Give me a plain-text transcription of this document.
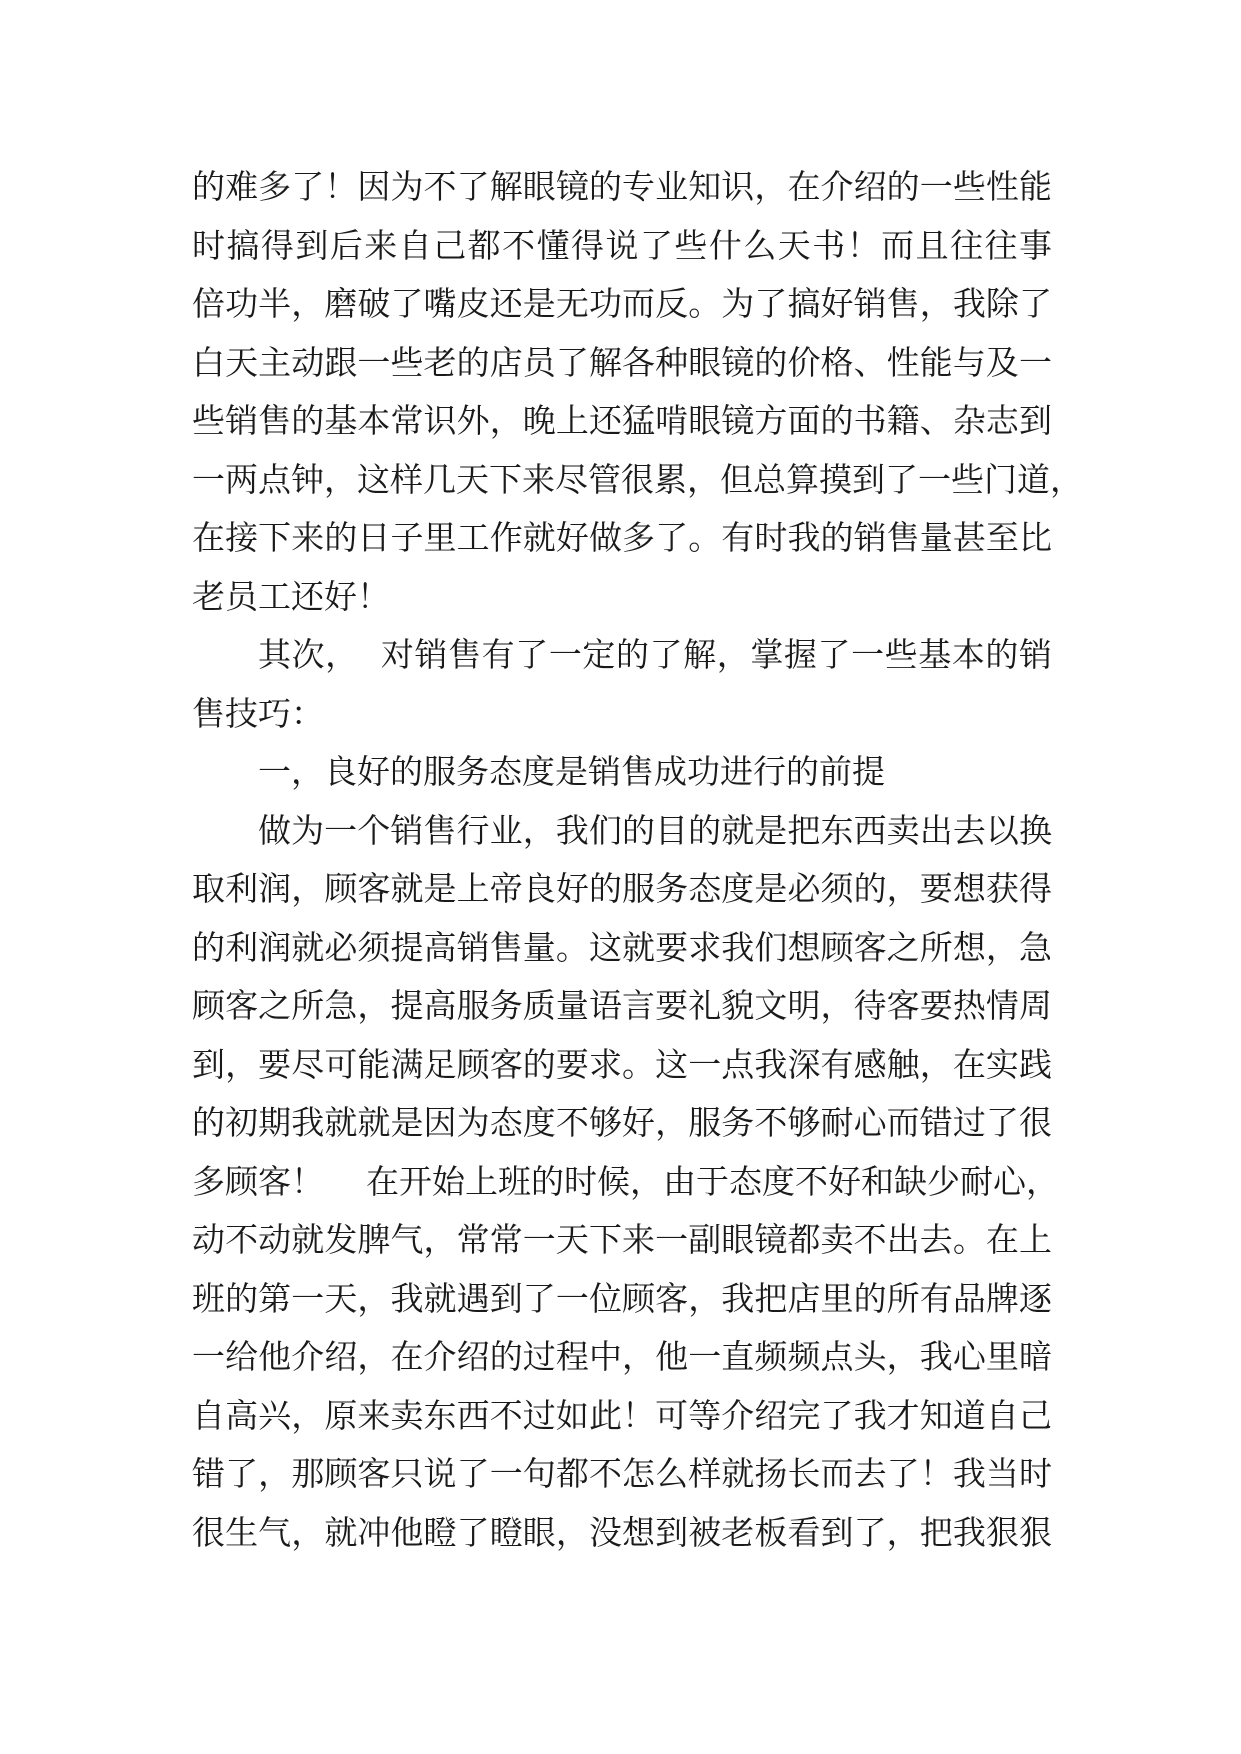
的难多了！因为不了解眼镜的专业知识，在介绍的一些性能
时搞得到后来自己都不懂得说了些什么天书！而且往往事
倍功半，磨破了嘴皮还是无功而反。为了搞好销售，我除了
白天主动跟一些老的店员了解各种眼镜的价格、性能与及一
些销售的基本常识外，晚上还猛啃眼镜方面的书籍、杂志到
一两点钟，这样几天下来尽管很累，但总算摸到了一些门道，
在接下来的日子里工作就好做多了。有时我的销售量甚至比
老员工还好！
其次，  对销售有了一定的了解，掌握了一些基本的销
售技巧：
一，良好的服务态度是销售成功进行的前提
做为一个销售行业，我们的目的就是把东西卖出去以换
取利润，顾客就是上帝良好的服务态度是必须的，要想获得
的利润就必须提高销售量。这就要求我们想顾客之所想，急
顾客之所急，提高服务质量语言要礼貌文明，待客要热情周
到，要尽可能满足顾客的要求。这一点我深有感触，在实践
的初期我就就是因为态度不够好，服务不够耐心而错过了很
多顾客！    在开始上班的时候，由于态度不好和缺少耐心，
动不动就发脾气，常常一天下来一副眼镜都卖不出去。在上
班的第一天，我就遇到了一位顾客，我把店里的所有品牌逐
一给他介绍，在介绍的过程中，他一直频频点头，我心里暗
自高兴，原来卖东西不过如此！可等介绍完了我才知道自己
错了，那顾客只说了一句都不怎么样就扬长而去了！我当时
很生气，就冲他瞪了瞪眼，没想到被老板看到了，把我狠狠
